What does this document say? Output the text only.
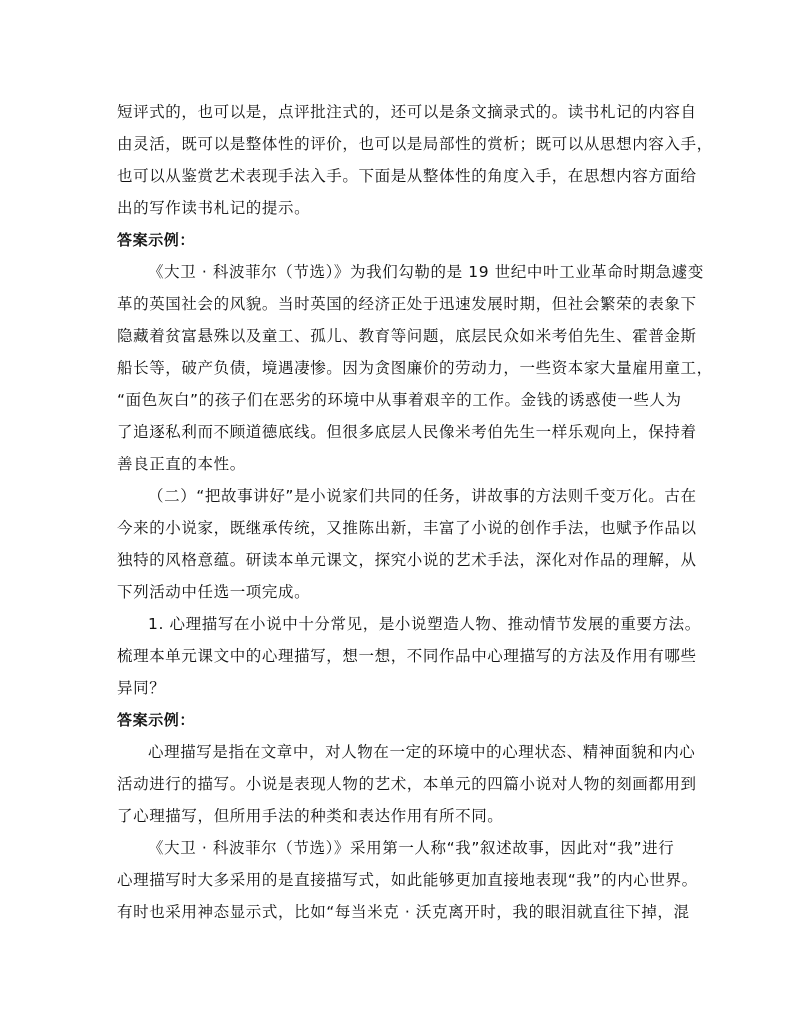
短评式的，也可以是，点评批注式的，还可以是条文摘录式的。读书札记的内容自
由灵活，既可以是整体性的评价，也可以是局部性的赏析；既可以从思想内容入手，
也可以从鉴赏艺术表现手法入手。下面是从整体性的角度入手，在思想内容方面给
出的写作读书札记的提示。
答案示例：
《大卫 · 科波菲尔（节选）》为我们勾勒的是 19 世纪中叶工业革命时期急遽变
革的英国社会的风貌。当时英国的经济正处于迅速发展时期，但社会繁荣的表象下
隐藏着贫富悬殊以及童工、孤儿、教育等问题，底层民众如米考伯先生、霍普金斯
船长等，破产负债，境遇凄惨。因为贪图廉价的劳动力，一些资本家大量雇用童工，
“面色灰白”的孩子们在恶劣的环境中从事着艰辛的工作。金钱的诱惑使一些人为
了追逐私利而不顾道德底线。但很多底层人民像米考伯先生一样乐观向上，保持着
善良正直的本性。
（二）“把故事讲好”是小说家们共同的任务，讲故事的方法则千变万化。古在
今来的小说家，既继承传统，又推陈出新，丰富了小说的创作手法，也赋予作品以
独特的风格意蕴。研读本单元课文，探究小说的艺术手法，深化对作品的理解，从
下列活动中任选一项完成。
1. 心理描写在小说中十分常见，是小说塑造人物、推动情节发展的重要方法。
梳理本单元课文中的心理描写，想一想，不同作品中心理描写的方法及作用有哪些
异同？
答案示例：
心理描写是指在文章中，对人物在一定的环境中的心理状态、精神面貌和内心
活动进行的描写。小说是表现人物的艺术，本单元的四篇小说对人物的刻画都用到
了心理描写，但所用手法的种类和表达作用有所不同。
《大卫 · 科波菲尔（节选）》采用第一人称“我”叙述故事，因此对“我”进行
心理描写时大多采用的是直接描写式，如此能够更加直接地表现“我”的内心世界。
有时也采用神态显示式，比如“每当米克 · 沃克离开时，我的眼泪就直往下掉，混
